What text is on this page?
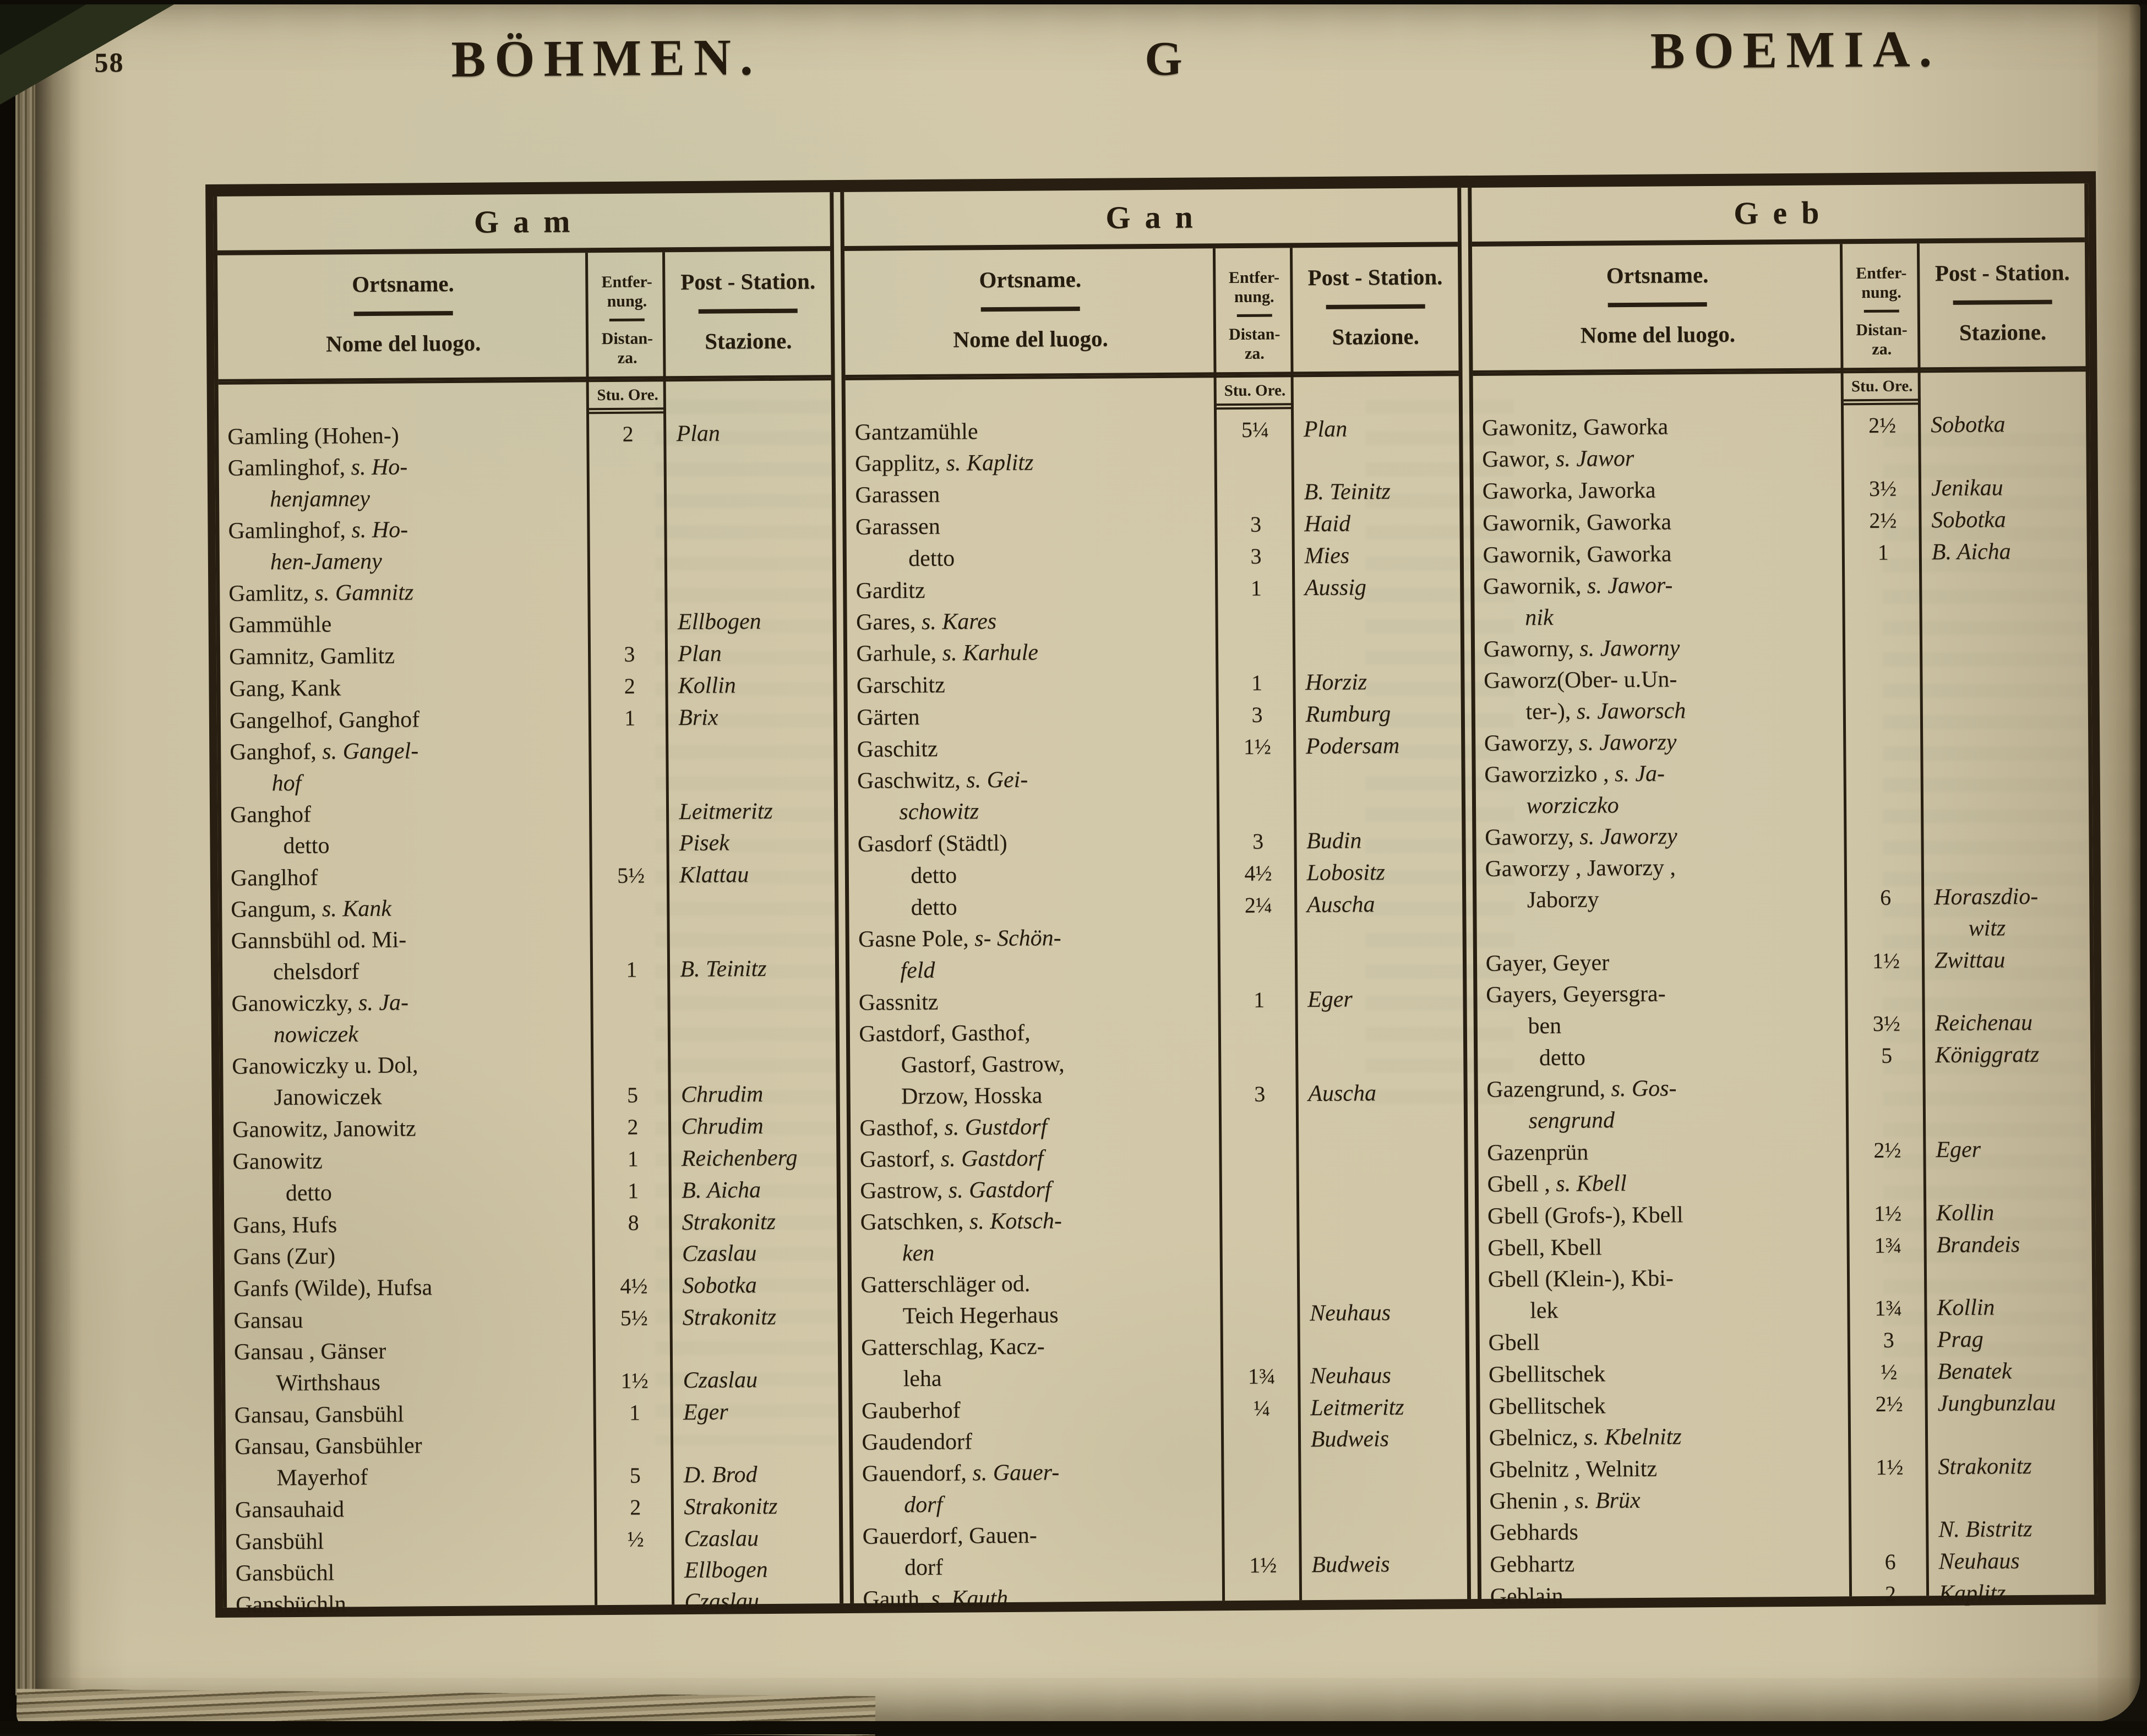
58	BÖHMEN.	G	BOEMIA.
Gam
Ortsname.
Nome del luogo.
Entfer-
nung.
Distan-
za.
Post - Station.
Stazione.
Stu. Ore.
Gamling (Hohen-)	2	Plan
Gamlinghof, s. Ho-
henjamney
Gamlinghof, s. Ho-
hen-Jameny
Gamlitz, s. Gamnitz
Gammühle	Ellbogen
Gamnitz, Gamlitz	3	Plan
Gang, Kank	2	Kollin
Gangelhof, Ganghof	1	Brix
Ganghof, s. Gangel-
hof
Ganghof	Leitmeritz
detto	Pisek
Ganglhof	5½	Klattau
Gangum, s. Kank
Gannsbühl od. Mi-
chelsdorf	1	B. Teinitz
Ganowiczky, s. Ja-
nowiczek
Ganowiczky u. Dol,
Janowiczek	5	Chrudim
Ganowitz, Janowitz	2	Chrudim
Ganowitz	1	Reichenberg
detto	1	B. Aicha
Gans, Hufs	8	Strakonitz
Gans (Zur)	Czaslau
Ganfs (Wilde), Hufsa	4½	Sobotka
Gansau	5½	Strakonitz
Gansau , Gänser
Wirthshaus	1½	Czaslau
Gansau, Gansbühl	1	Eger
Gansau, Gansbühler
Mayerhof	5	D. Brod
Gansauhaid	2	Strakonitz
Gansbühl	½	Czaslau
Gansbüchl	Ellbogen
Gansbüchln	Czaslau
Gan
Ortsname.
Nome del luogo.
Entfer-
nung.
Distan-
za.
Post - Station.
Stazione.
Stu. Ore.
Gantzamühle	5¼	Plan
Gapplitz, s. Kaplitz
Garassen	B. Teinitz
Garassen	3	Haid
detto	3	Mies
Garditz	1	Aussig
Gares, s. Kares
Garhule, s. Karhule
Garschitz	1	Horziz
Gärten	3	Rumburg
Gaschitz	1½	Podersam
Gaschwitz, s. Gei-
schowitz
Gasdorf (Städtl)	3	Budin
detto	4½	Lobositz
detto	2¼	Auscha
Gasne Pole, s- Schön-
feld
Gassnitz	1	Eger
Gastdorf, Gasthof,
Gastorf, Gastrow,
Drzow, Hosska	3	Auscha
Gasthof, s. Gustdorf
Gastorf, s. Gastdorf
Gastrow, s. Gastdorf
Gatschken, s. Kotsch-
ken
Gatterschläger od.
Teich Hegerhaus	Neuhaus
Gatterschlag, Kacz-
leha	1¾	Neuhaus
Gauberhof	¼	Leitmeritz
Gaudendorf	Budweis
Gauendorf, s. Gauer-
dorf
Gauerdorf, Gauen-
dorf	1½	Budweis
Gauth, s. Kauth
Geb
Ortsname.
Nome del luogo.
Entfer-
nung.
Distan-
za.
Post - Station.
Stazione.
Stu. Ore.
Gawonitz, Gaworka	2½	Sobotka
Gawor, s. Jawor
Gaworka, Jaworka	3½	Jenikau
Gawornik, Gaworka	2½	Sobotka
Gawornik, Gaworka	1	B. Aicha
Gawornik, s. Jawor-
nik
Gaworny, s. Jaworny
Gaworz(Ober- u.Un-
ter-), s. Jaworsch
Gaworzy, s. Jaworzy
Gaworzizko , s. Ja-
worziczko
Gaworzy, s. Jaworzy
Gaworzy , Jaworzy ,
Jaborzy	6	Horaszdio-
witz
Gayer, Geyer	1½	Zwittau
Gayers, Geyersgra-
ben	3½	Reichenau
detto	5	Königgratz
Gazengrund, s. Gos-
sengrund
Gazenprün	2½	Eger
Gbell , s. Kbell
Gbell (Grofs-), Kbell	1½	Kollin
Gbell, Kbell	1¾	Brandeis
Gbell (Klein-), Kbi-
lek	1¾	Kollin
Gbell	3	Prag
Gbellitschek	½	Benatek
Gbellitschek	2½	Jungbunzlau
Gbelnicz, s. Kbelnitz
Gbelnitz , Welnitz	1½	Strakonitz
Ghenin , s. Brüx
Gebhards	N. Bistritz
Gebhartz	6	Neuhaus
Geblain	2	Kaplitz
